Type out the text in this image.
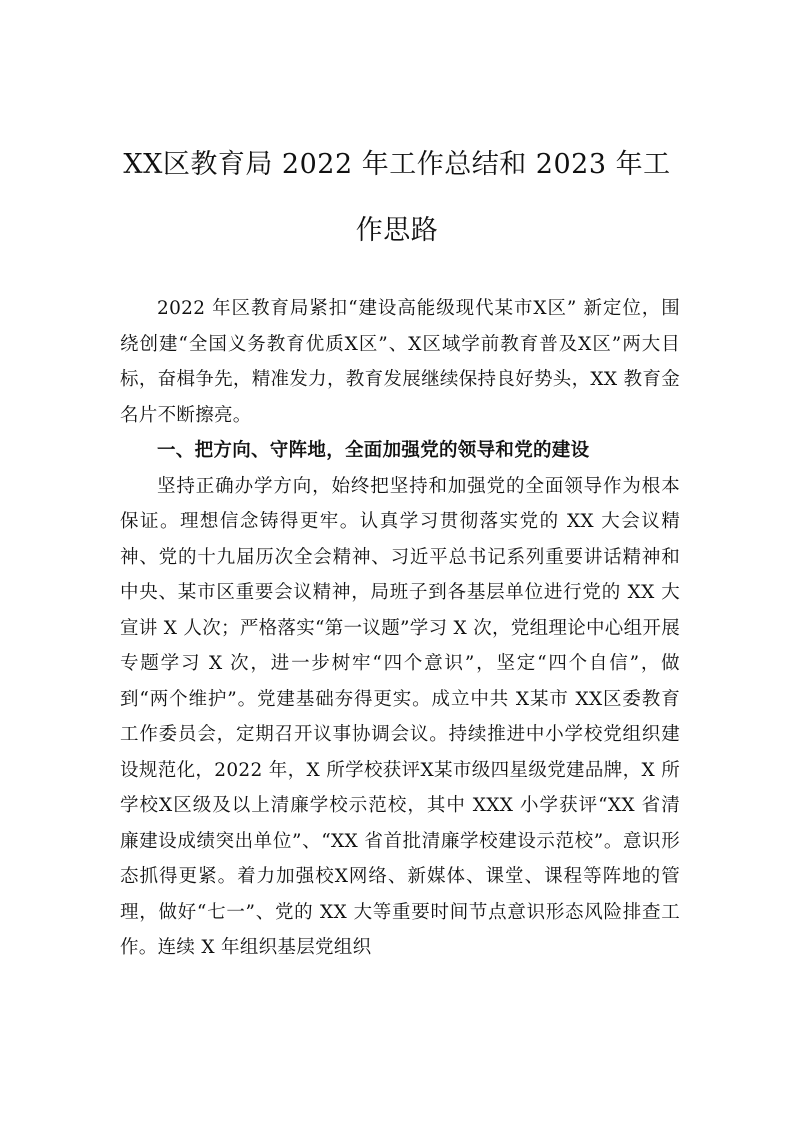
XX区教育局 2022 年工作总结和 2023 年工
作思路

2022 年区教育局紧扣“建设高能级现代某市X区” 新定位，围绕创建“全国义务教育优质X区”、X区域学前教育普及X区”两大目标，奋楫争先，精准发力，教育发展继续保持良好势头，XX 教育金名片不断擦亮。

一、把方向、守阵地，全面加强党的领导和党的建设

坚持正确办学方向，始终把坚持和加强党的全面领导作为根本保证。理想信念铸得更牢。认真学习贯彻落实党的 XX 大会议精神、党的十九届历次全会精神、习近平总书记系列重要讲话精神和中央、某市区重要会议精神，局班子到各基层单位进行党的 XX 大宣讲 X 人次；严格落实“第一议题”学习 X 次，党组理论中心组开展专题学习 X 次，进一步树牢“四个意识”，坚定“四个自信”，做到“两个维护”。党建基础夯得更实。成立中共 X某市 XX区委教育工作委员会，定期召开议事协调会议。持续推进中小学校党组织建设规范化，2022 年，X 所学校获评X某市级四星级党建品牌，X 所学校X区级及以上清廉学校示范校，其中 XXX 小学获评“XX 省清廉建设成绩突出单位”、“XX 省首批清廉学校建设示范校”。意识形态抓得更紧。着力加强校X网络、新媒体、课堂、课程等阵地的管理，做好“七一”、党的 XX 大等重要时间节点意识形态风险排查工作。连续 X 年组织基层党组织
